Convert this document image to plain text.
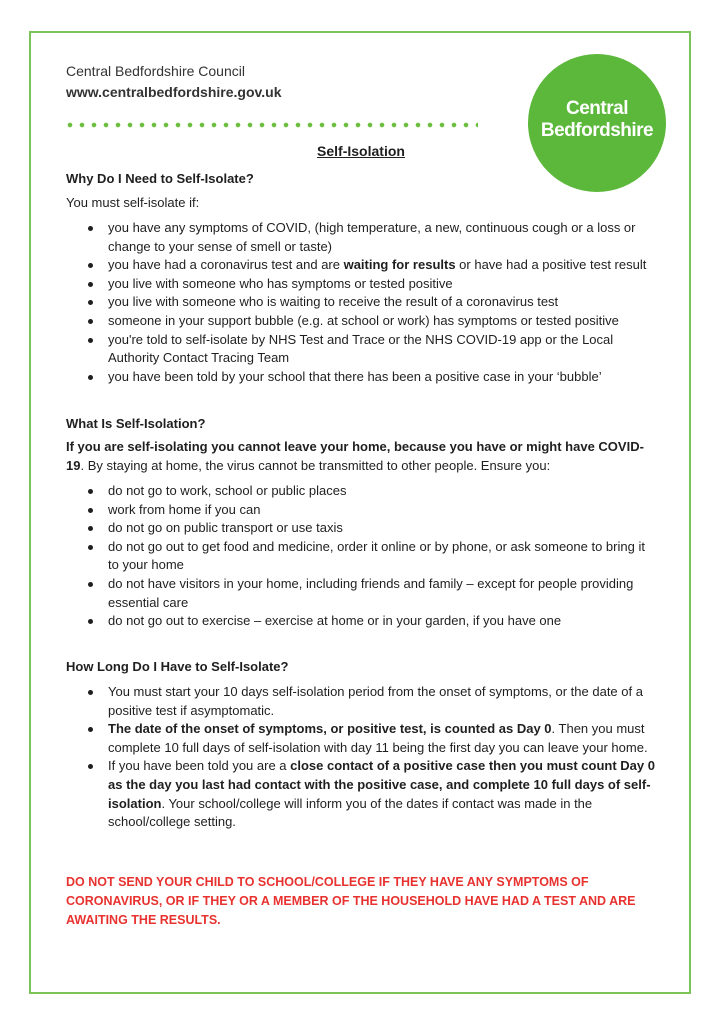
Central Bedfordshire Council
www.centralbedfordshire.gov.uk
Central
Bedfordshire
Self-Isolation
Why Do I Need to Self-Isolate?
You must self-isolate if:
you have any symptoms of COVID, (high temperature, a new, continuous cough or a loss or change to your sense of smell or taste)
you have had a coronavirus test and are waiting for results or have had a positive test result
you live with someone who has symptoms or tested positive
you live with someone who is waiting to receive the result of a coronavirus test
someone in your support bubble (e.g. at school or work) has symptoms or tested positive
you're told to self-isolate by NHS Test and Trace or the NHS COVID-19 app or the Local Authority Contact Tracing Team
you have been told by your school that there has been a positive case in your ‘bubble’
What Is Self-Isolation?
If you are self-isolating you cannot leave your home, because you have or might have COVID-19. By staying at home, the virus cannot be transmitted to other people. Ensure you:
do not go to work, school or public places
work from home if you can
do not go on public transport or use taxis
do not go out to get food and medicine, order it online or by phone, or ask someone to bring it to your home
do not have visitors in your home, including friends and family – except for people providing essential care
do not go out to exercise – exercise at home or in your garden, if you have one
How Long Do I Have to Self-Isolate?
You must start your 10 days self-isolation period from the onset of symptoms, or the date of a positive test if asymptomatic.
The date of the onset of symptoms, or positive test, is counted as Day 0. Then you must complete 10 full days of self-isolation with day 11 being the first day you can leave your home.
If you have been told you are a close contact of a positive case then you must count Day 0 as the day you last had contact with the positive case, and complete 10 full days of self-isolation. Your school/college will inform you of the dates if contact was made in the school/college setting.
DO NOT SEND YOUR CHILD TO SCHOOL/COLLEGE IF THEY HAVE ANY SYMPTOMS OF CORONAVIRUS, OR IF THEY OR A MEMBER OF THE HOUSEHOLD HAVE HAD A TEST AND ARE AWAITING THE RESULTS.
